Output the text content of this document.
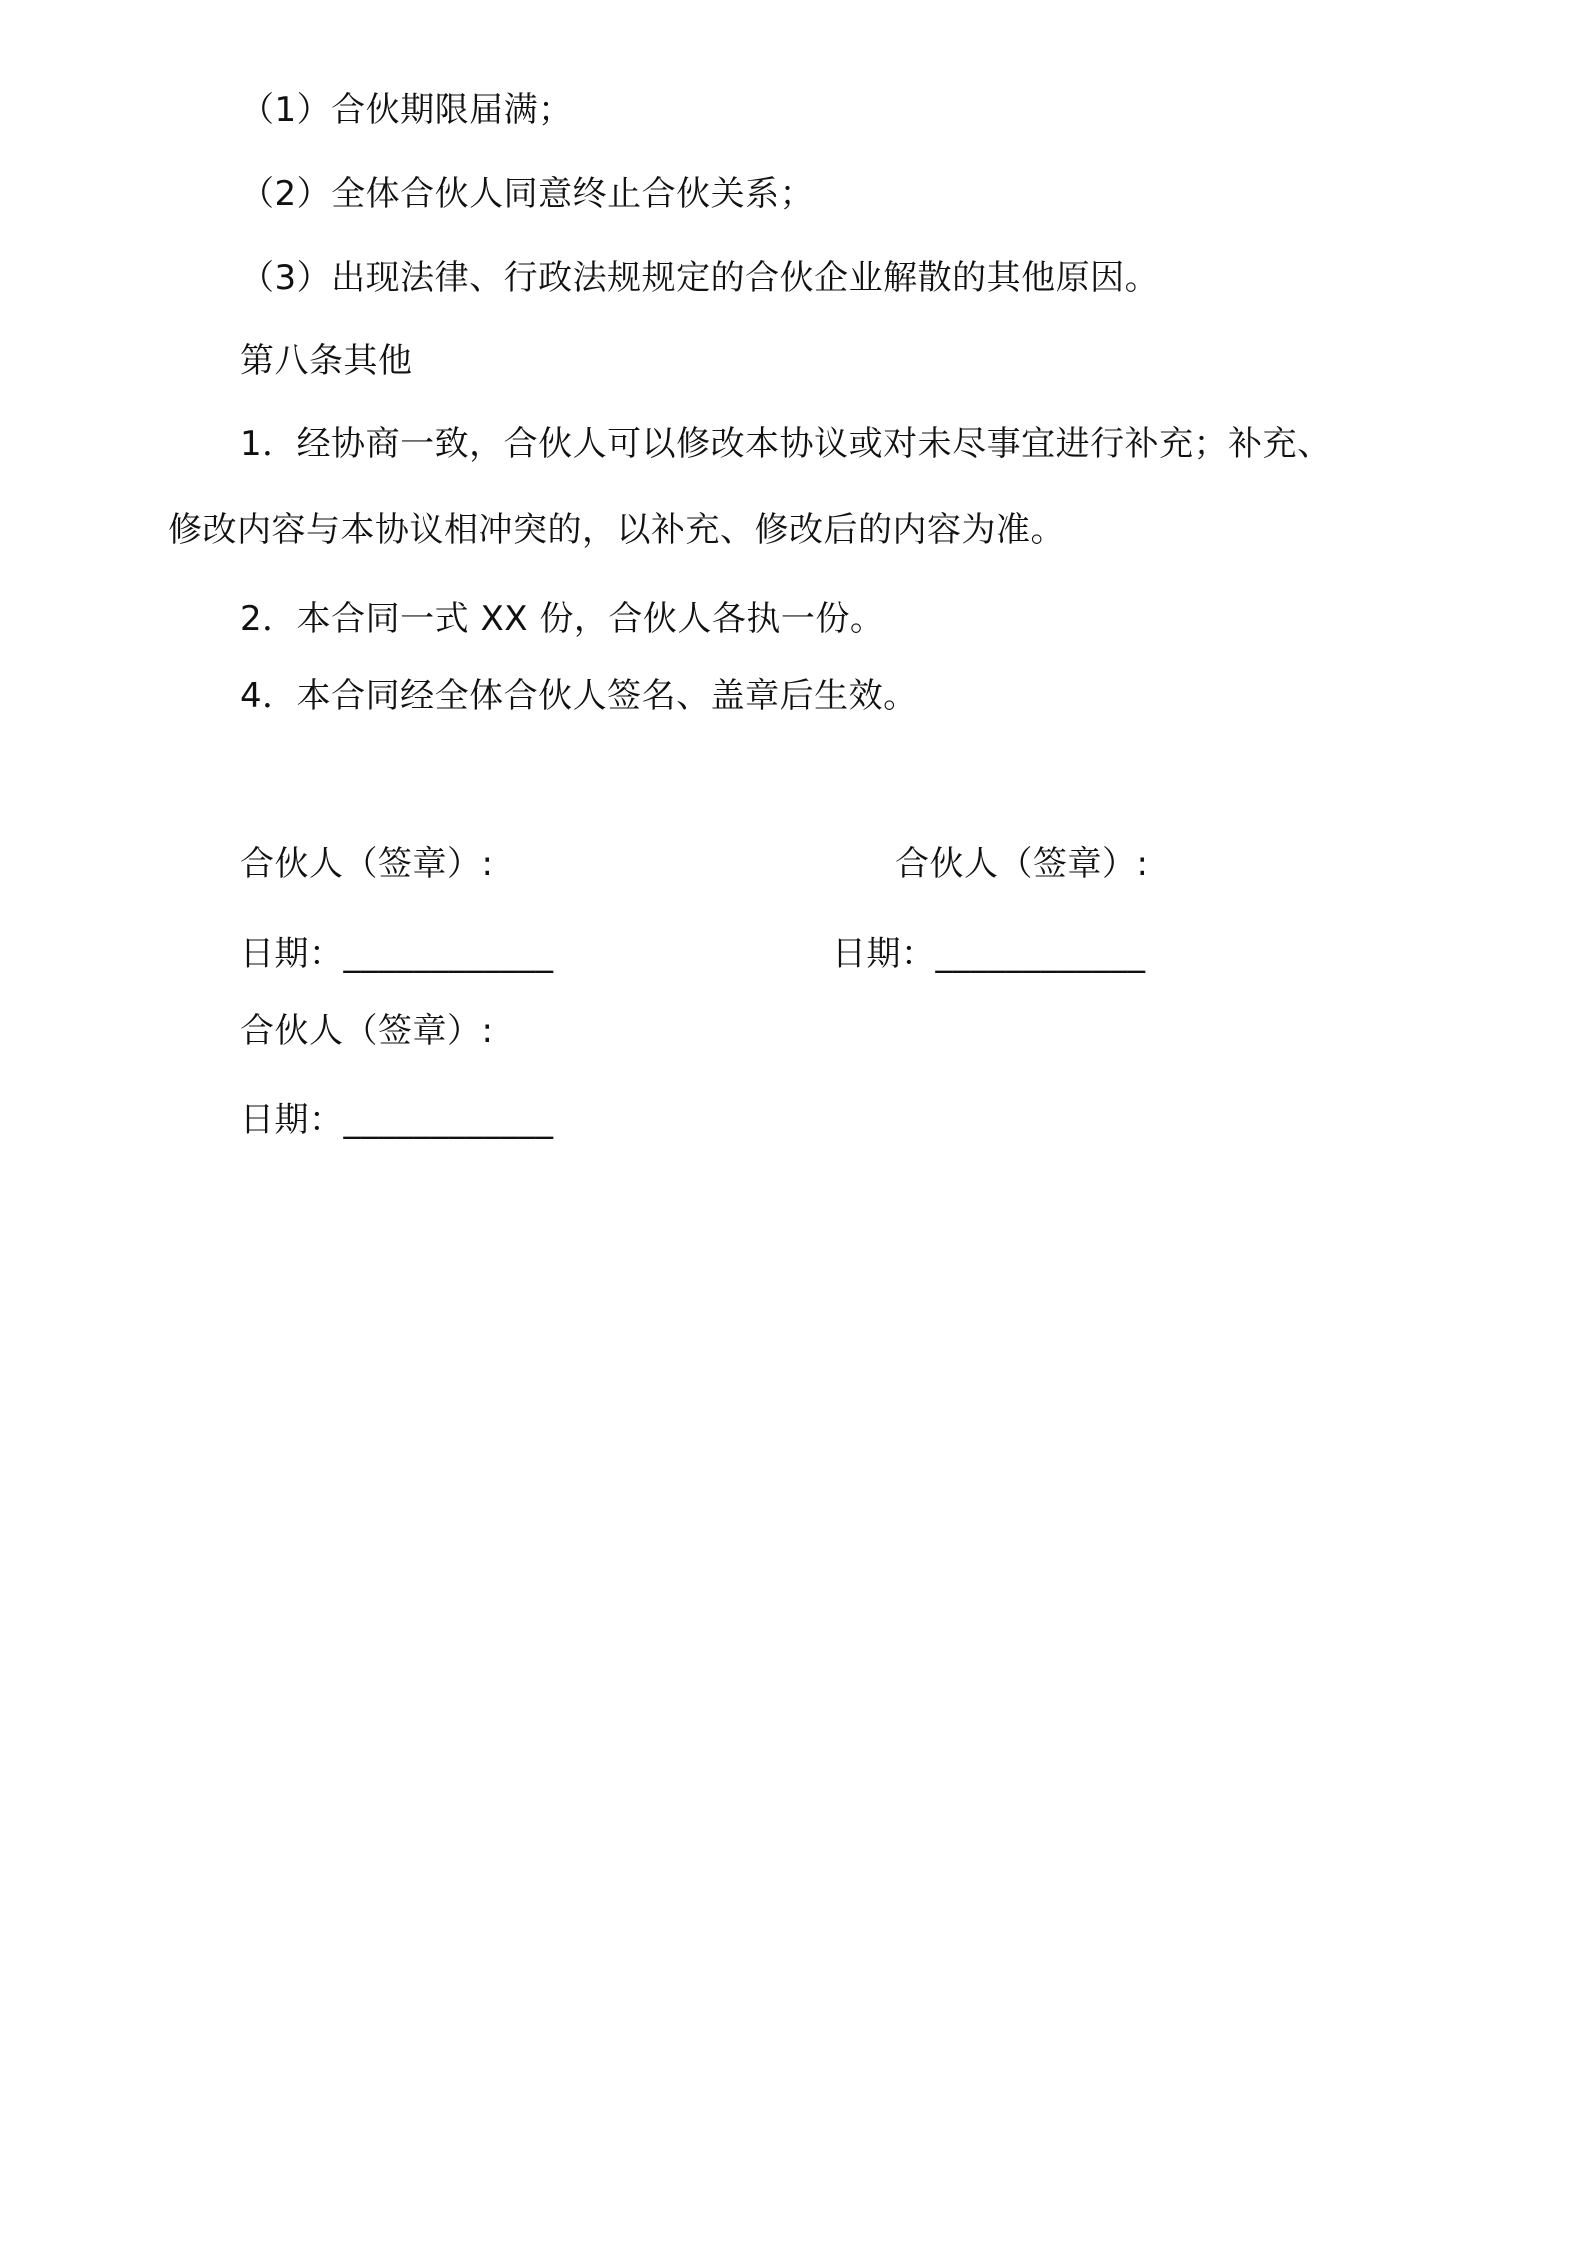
（1）合伙期限届满；
（2）全体合伙人同意终止合伙关系；
（3）出现法律、行政法规规定的合伙企业解散的其他原因。
第八条其他
1．经协商一致，合伙人可以修改本协议或对未尽事宜进行补充；补充、
修改内容与本协议相冲突的，以补充、修改后的内容为准。
2．本合同一式 XX 份，合伙人各执一份。
4．本合同经全体合伙人签名、盖章后生效。
合伙人（签章）:	合伙人（签章）:
日期：____________	日期：____________
合伙人（签章）:
日期：____________
